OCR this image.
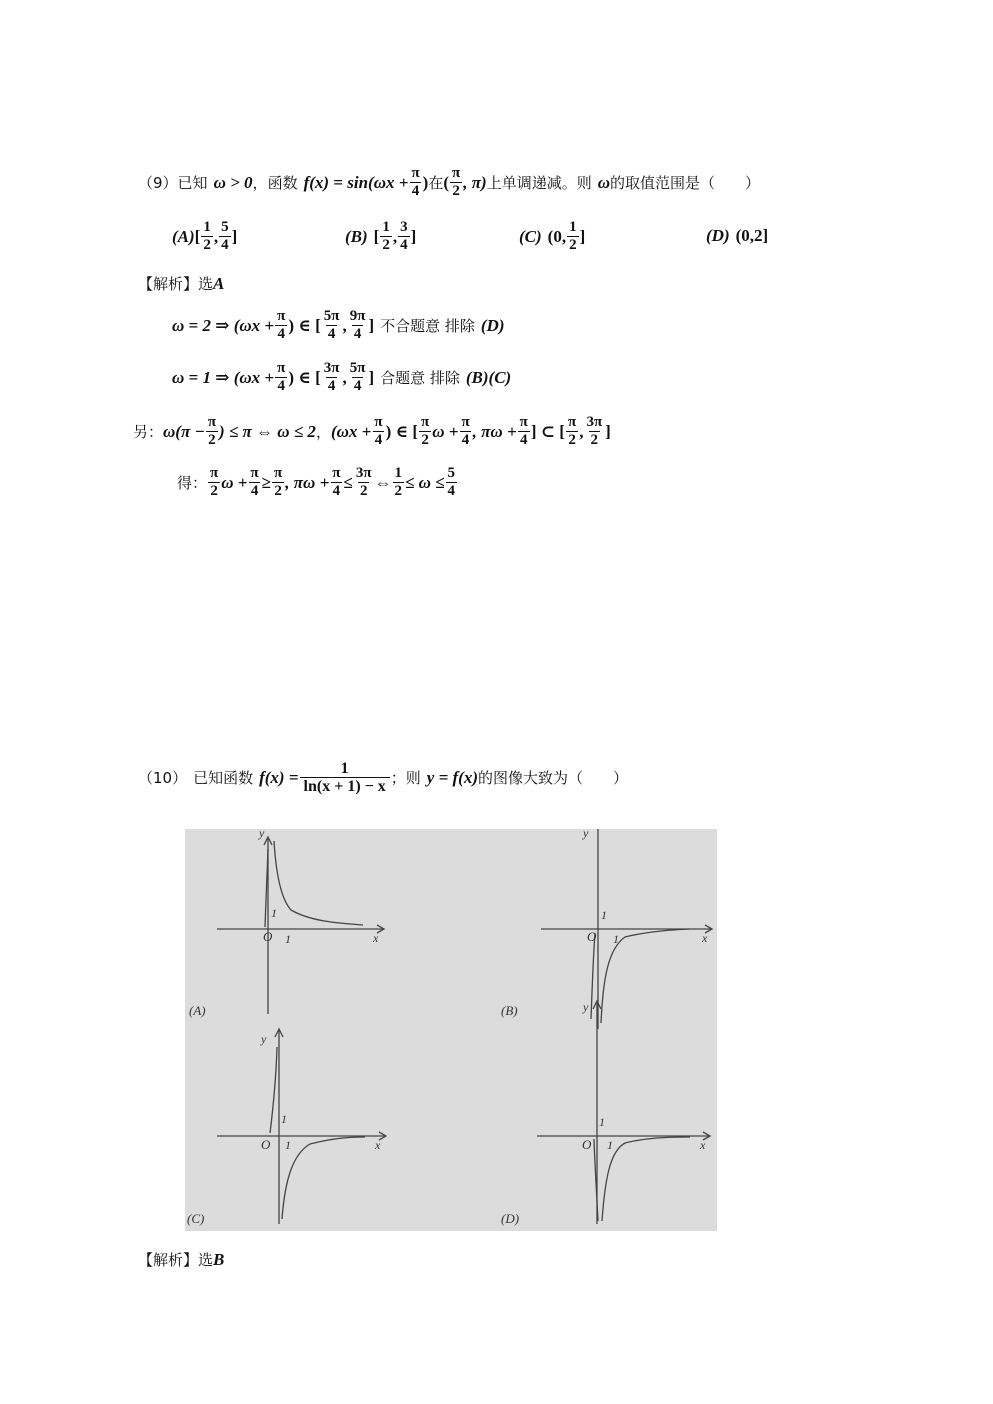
（9） 已知 ω > 0 ， 函数 $f(x) = \sin(\omega x + \frac{\pi}{4}$ ) 在 ( $\frac{\pi}{2}$ , π) 上单调递减。则 ω 的取值范围是（　　）
(A) [ $\frac{1}{2}$ , $\frac{5}{4}$ ]	(B) [ $\frac{1}{2}$ , $\frac{3}{4}$ ]	(C) (0, $\frac{1}{2}$ ]	(D) (0,2]
【解析】选 A
ω = 2 ⇒ ($\omega x + \frac{\pi}{4}$ ) ∈ [ $\frac{5\pi}{4}$ , $\frac{9\pi}{4}$ ] 不合题意 排除 (D)
ω = 1 ⇒ ($\omega x + \frac{\pi}{4}$ ) ∈ [ $\frac{3\pi}{4}$ , $\frac{5\pi}{4}$ ] 合题意 排除 (B)(C)
另： $\omega(\pi - \frac{\pi}{2}$ ) ≤ π ⇔ ω ≤ 2 ， ($\omega x + \frac{\pi}{4}$ ) ∈ [ $\frac{\pi}{2}$ $\omega + \frac{\pi}{4}$ , $\pi\omega + \frac{\pi}{4}$ ] ⊂ [ $\frac{\pi}{2}$ , $\frac{3\pi}{2}$ ]
得： $\frac{\pi}{2}$ $\omega + \frac{\pi}{4} \ge \frac{\pi}{2}$ , $\pi\omega + \frac{\pi}{4} \le \frac{3\pi}{2}$ ⇔ $\frac{1}{2} \le \omega \le \frac{5}{4}$
（10） 已知函数 $f(x) = \frac{1}{\ln(x + 1) - x}$ ；则 y = f(x) 的图像大致为（　　）
O 1
1
x
y
(A)
O 1
1
x
y
(B)
O 1
1
x
y
(C)
O 1
1
x
y
(D)
【解析】选 B
